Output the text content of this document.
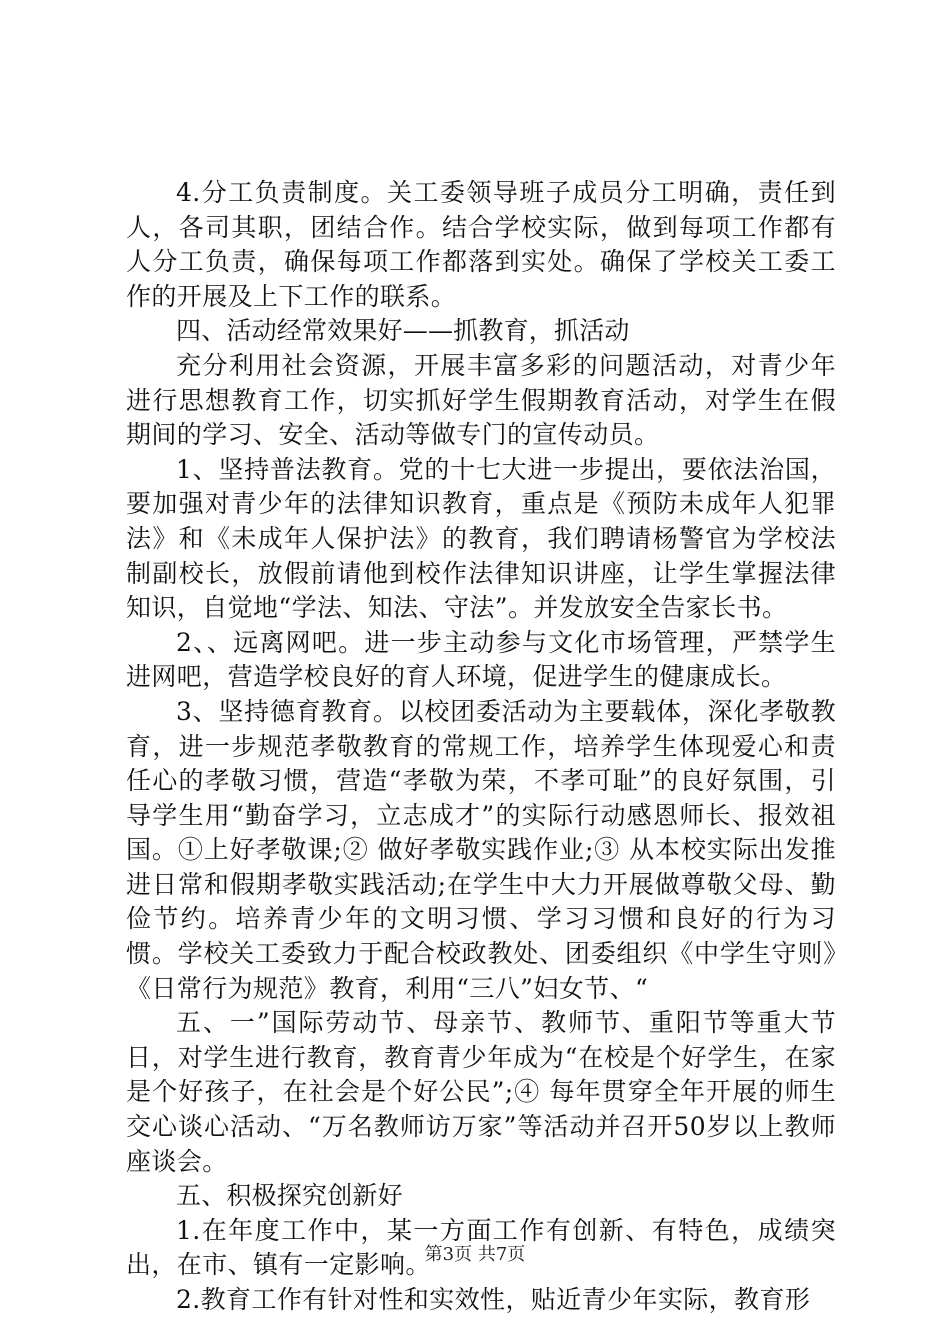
4.分工负责制度。关工委领导班子成员分工明确，责任到人，各司其职，团结合作。结合学校实际，做到每项工作都有人分工负责，确保每项工作都落到实处。确保了学校关工委工作的开展及上下工作的联系。

四、活动经常效果好——抓教育，抓活动

充分利用社会资源，开展丰富多彩的问题活动，对青少年进行思想教育工作，切实抓好学生假期教育活动，对学生在假期间的学习、安全、活动等做专门的宣传动员。

1、坚持普法教育。党的十七大进一步提出，要依法治国，要加强对青少年的法律知识教育，重点是《预防未成年人犯罪法》和《未成年人保护法》的教育，我们聘请杨警官为学校法制副校长，放假前请他到校作法律知识讲座，让学生掌握法律知识，自觉地“学法、知法、守法”。并发放安全告家长书。

2、、远离网吧。进一步主动参与文化市场管理，严禁学生进网吧，营造学校良好的育人环境，促进学生的健康成长。

3、坚持德育教育。以校团委活动为主要载体，深化孝敬教育，进一步规范孝敬教育的常规工作，培养学生体现爱心和责任心的孝敬习惯，营造“孝敬为荣，不孝可耻”的良好氛围，引导学生用“勤奋学习，立志成才”的实际行动感恩师长、报效祖国。①上好孝敬课;② 做好孝敬实践作业;③ 从本校实际出发推进日常和假期孝敬实践活动;在学生中大力开展做尊敬父母、勤俭节约。培养青少年的文明习惯、学习习惯和良好的行为习惯。学校关工委致力于配合校政教处、团委组织《中学生守则》《日常行为规范》教育，利用“三八”妇女节、“

五、一”国际劳动节、母亲节、教师节、重阳节等重大节日，对学生进行教育，教育青少年成为“在校是个好学生，在家是个好孩子，在社会是个好公民”;④ 每年贯穿全年开展的师生交心谈心活动、“万名教师访万家”等活动并召开50岁以上教师座谈会。

五、积极探究创新好

1.在年度工作中，某一方面工作有创新、有特色，成绩突出，在市、镇有一定影响。

2.教育工作有针对性和实效性，贴近青少年实际，教育形

第3页 共7页
